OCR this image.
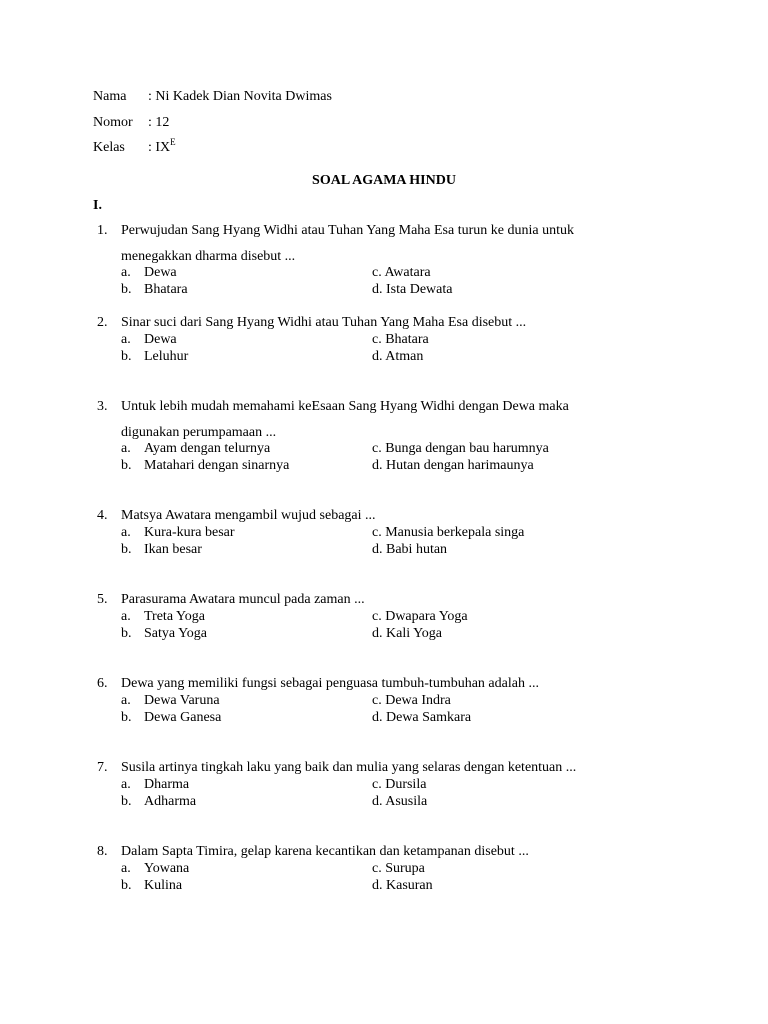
Nama : Ni Kadek Dian Novita Dwimas
Nomor : 12
Kelas : $IX^E$
SOAL AGAMA HINDU
I.
1. Perwujudan Sang Hyang Widhi atau Tuhan Yang Maha Esa turun ke dunia untuk
menegakkan dharma disebut ...
a. Dewa	c. Awatara
b. Bhatara	d. Ista Dewata
2. Sinar suci dari Sang Hyang Widhi atau Tuhan Yang Maha Esa disebut ...
a. Dewa	c. Bhatara
b. Leluhur	d. Atman
3. Untuk lebih mudah memahami keEsaan Sang Hyang Widhi dengan Dewa maka
digunakan perumpamaan ...
a. Ayam dengan telurnya	c. Bunga dengan bau harumnya
b. Matahari dengan sinarnya	d. Hutan dengan harimaunya
4. Matsya Awatara mengambil wujud sebagai ...
a. Kura-kura besar	c. Manusia berkepala singa
b. Ikan besar	d. Babi hutan
5. Parasurama Awatara muncul pada zaman ...
a. Treta Yoga	c. Dwapara Yoga
b. Satya Yoga	d. Kali Yoga
6. Dewa yang memiliki fungsi sebagai penguasa tumbuh-tumbuhan adalah ...
a. Dewa Varuna	c. Dewa Indra
b. Dewa Ganesa	d. Dewa Samkara
7. Susila artinya tingkah laku yang baik dan mulia yang selaras dengan ketentuan ...
a. Dharma	c. Dursila
b. Adharma	d. Asusila
8. Dalam Sapta Timira, gelap karena kecantikan dan ketampanan disebut ...
a. Yowana	c. Surupa
b. Kulina	d. Kasuran
